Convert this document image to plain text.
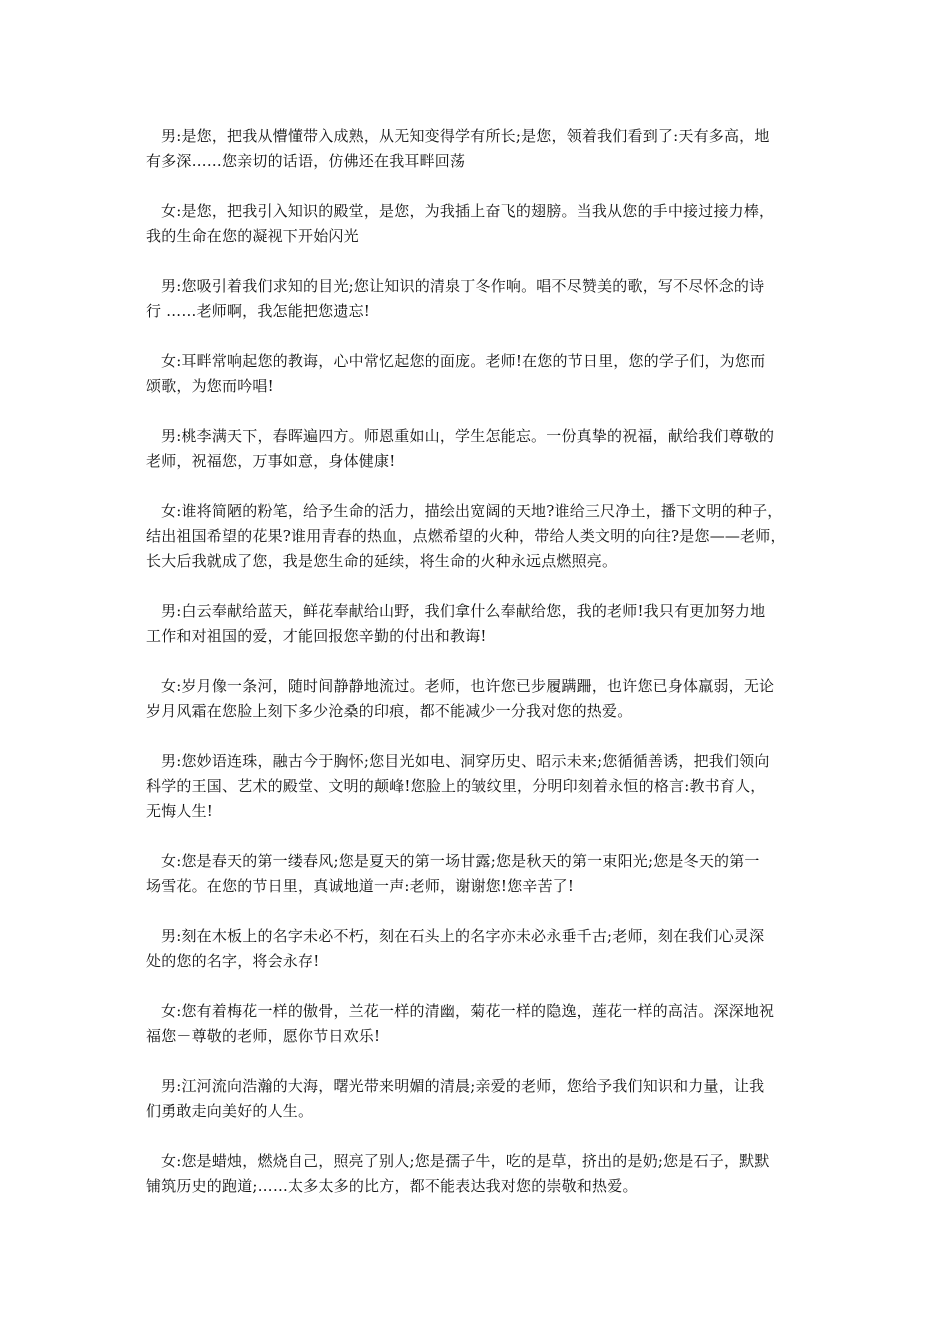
男:是您，把我从懵懂带入成熟，从无知变得学有所长;是您，领着我们看到了:天有多高，地
有多深……您亲切的话语，仿佛还在我耳畔回荡

女:是您，把我引入知识的殿堂，是您，为我插上奋飞的翅膀。当我从您的手中接过接力棒，
我的生命在您的凝视下开始闪光

男:您吸引着我们求知的目光;您让知识的清泉丁冬作响。唱不尽赞美的歌，写不尽怀念的诗
行 ……老师啊，我怎能把您遗忘!

女:耳畔常响起您的教诲，心中常忆起您的面庞。老师!在您的节日里，您的学子们，为您而
颂歌，为您而吟唱!

男:桃李满天下，春晖遍四方。师恩重如山，学生怎能忘。一份真挚的祝福，献给我们尊敬的
老师，祝福您，万事如意，身体健康!

女:谁将简陋的粉笔，给予生命的活力，描绘出宽阔的天地?谁给三尺净土，播下文明的种子，
结出祖国希望的花果?谁用青春的热血，点燃希望的火种，带给人类文明的向往?是您——老师，
长大后我就成了您，我是您生命的延续，将生命的火种永远点燃照亮。

男:白云奉献给蓝天，鲜花奉献给山野，我们拿什么奉献给您，我的老师!我只有更加努力地
工作和对祖国的爱，才能回报您辛勤的付出和教诲!

女:岁月像一条河，随时间静静地流过。老师，也许您已步履蹒跚，也许您已身体羸弱，无论
岁月风霜在您脸上刻下多少沧桑的印痕，都不能减少一分我对您的热爱。

男:您妙语连珠，融古今于胸怀;您目光如电、洞穿历史、昭示未来;您循循善诱，把我们领向
科学的王国、艺术的殿堂、文明的颠峰!您脸上的皱纹里，分明印刻着永恒的格言:教书育人，
无悔人生!

女:您是春天的第一缕春风;您是夏天的第一场甘露;您是秋天的第一束阳光;您是冬天的第一
场雪花。在您的节日里，真诚地道一声:老师，谢谢您!您辛苦了!

男:刻在木板上的名字未必不朽，刻在石头上的名字亦未必永垂千古;老师，刻在我们心灵深
处的您的名字，将会永存!

女:您有着梅花一样的傲骨，兰花一样的清幽，菊花一样的隐逸，莲花一样的高洁。深深地祝
福您－尊敬的老师，愿你节日欢乐!

男:江河流向浩瀚的大海，曙光带来明媚的清晨;亲爱的老师，您给予我们知识和力量，让我
们勇敢走向美好的人生。

女:您是蜡烛，燃烧自己，照亮了别人;您是孺子牛，吃的是草，挤出的是奶;您是石子，默默
铺筑历史的跑道;……太多太多的比方，都不能表达我对您的崇敬和热爱。
